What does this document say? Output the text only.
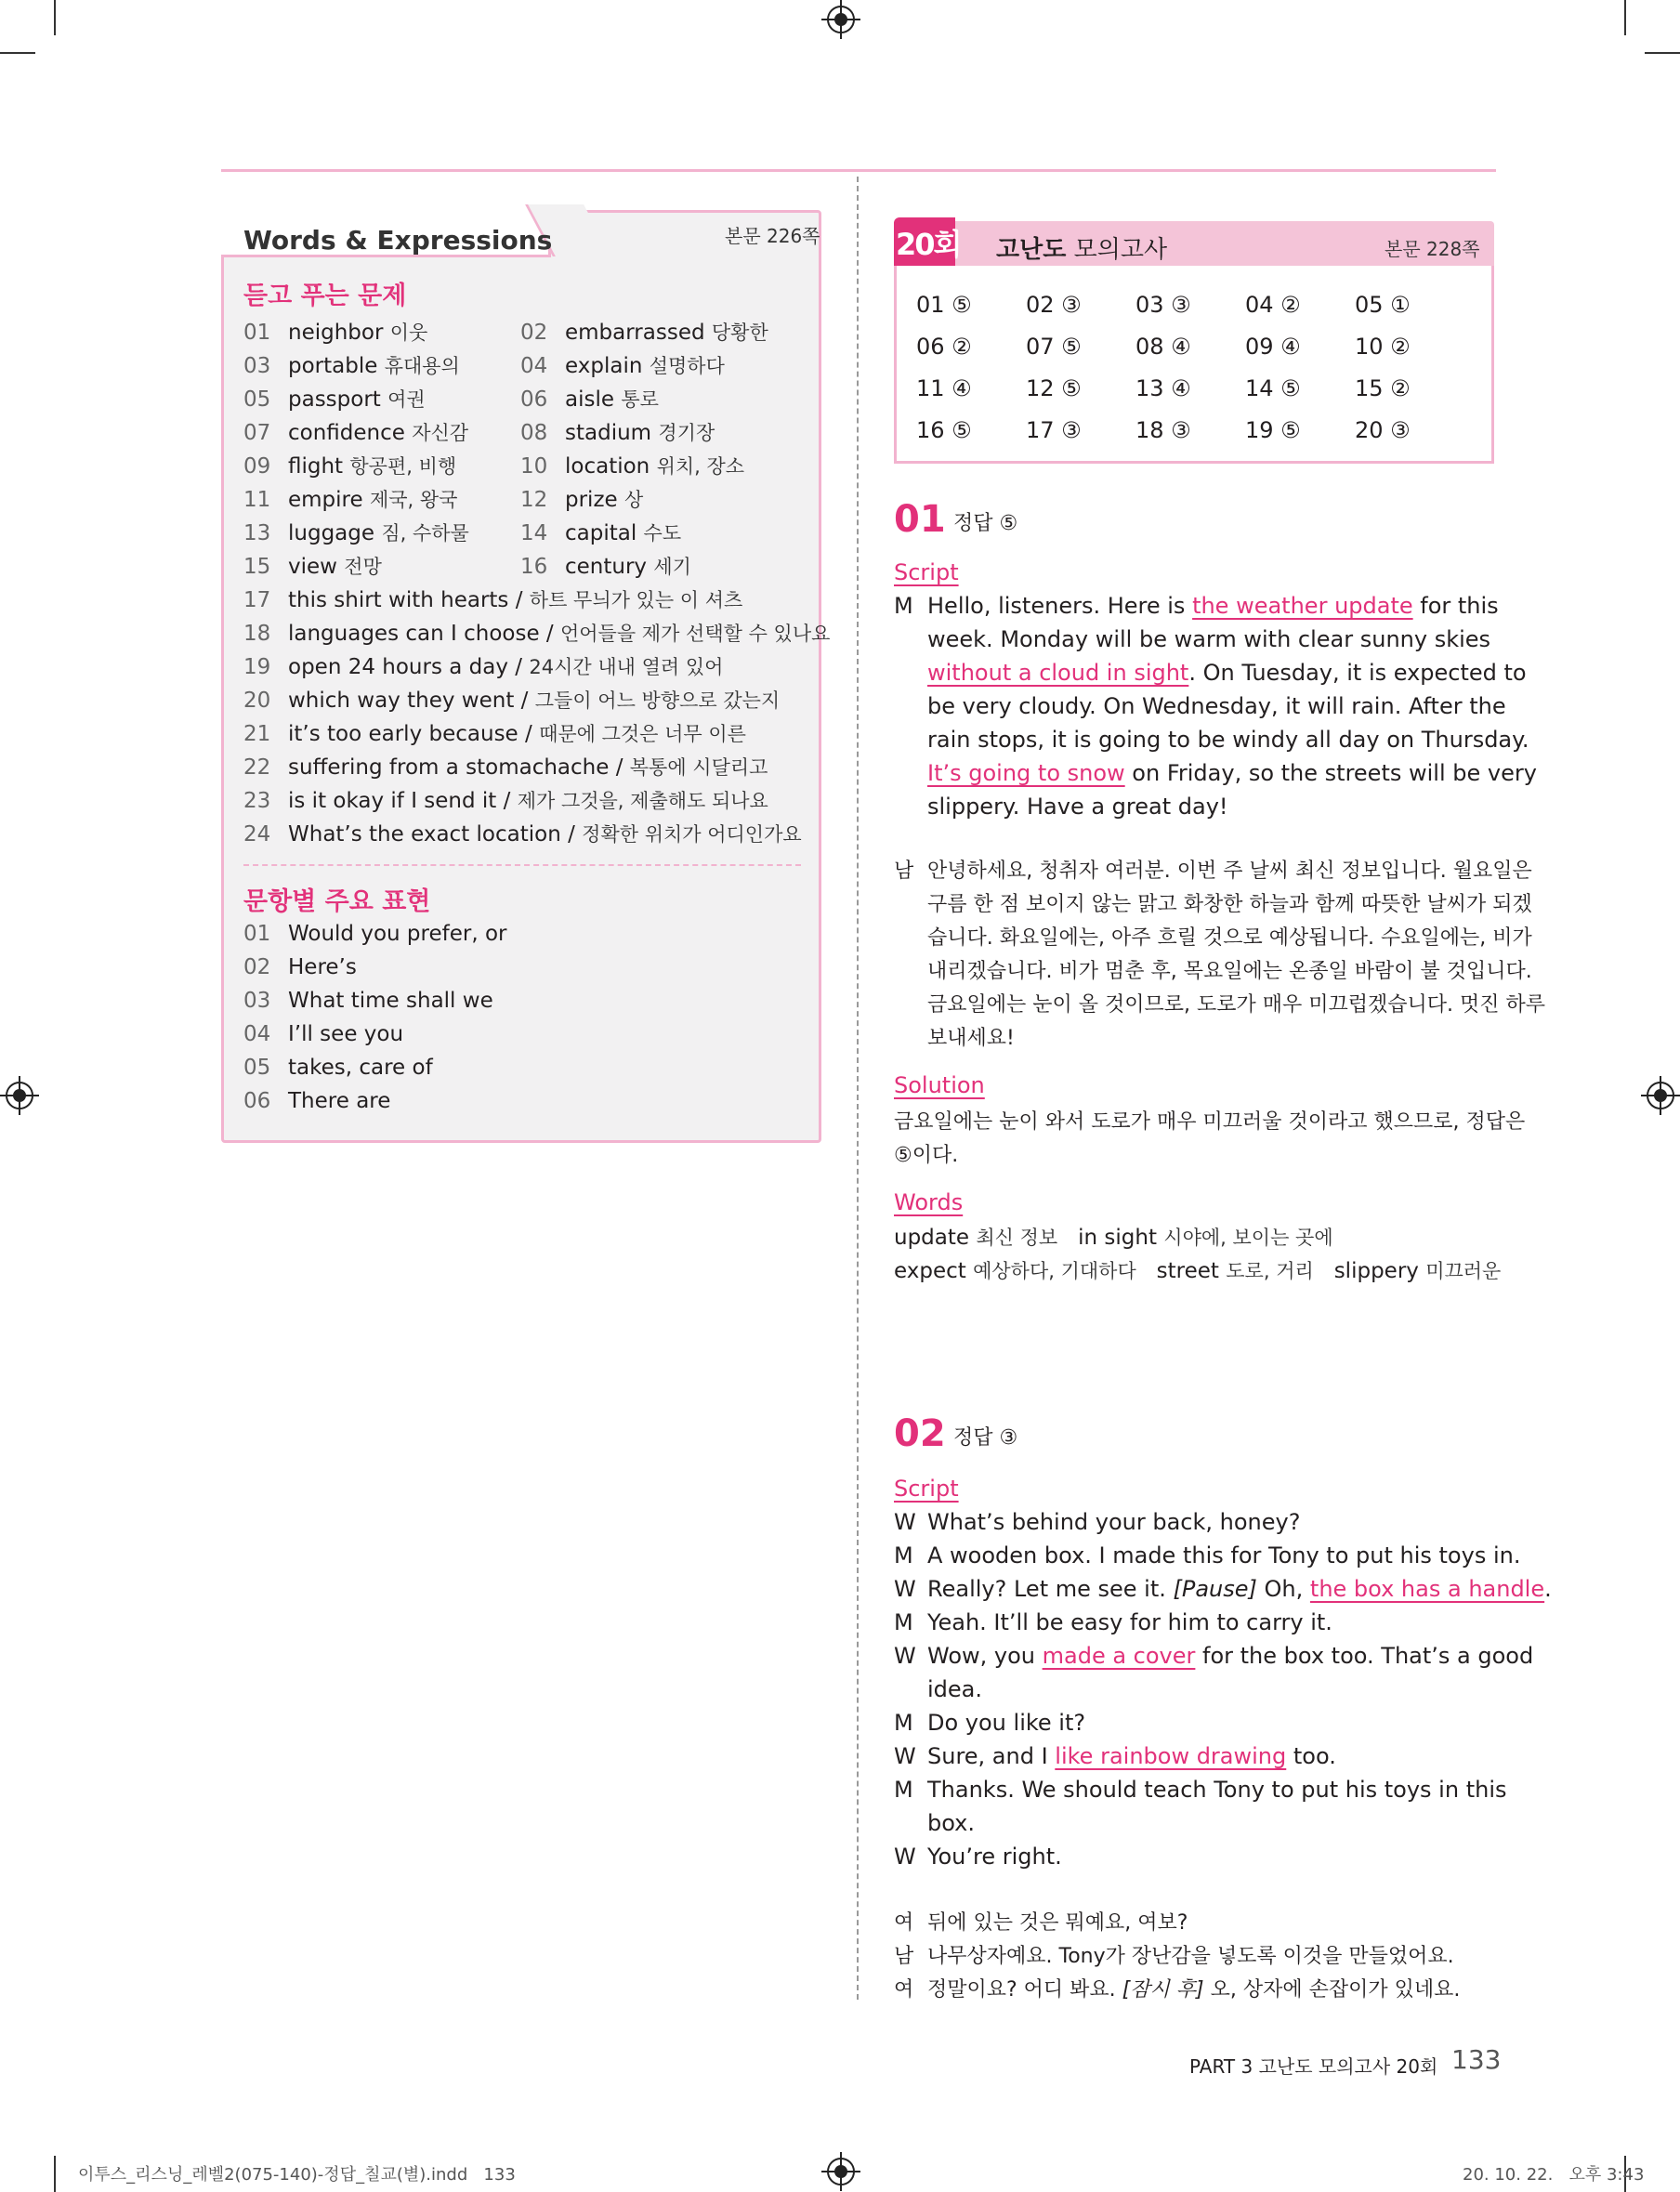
Words & Expressions	본문 226쪽
듣고 푸는 문제
문항별 주요 표현
20회 고난도 모의고사	본문 228쪽
01 정답 ⑤
Script
M
남
Solution
Words
02 정답 ③
Script
PART 3 고난도 모의고사 20회 133
이투스_리스닝_레벨2(075-140)-정답_칠교(별).indd   133	20. 10. 22.   오후 3:43
01 neighbor 이웃	02 embarrassed 당황한
03 portable 휴대용의	04 explain 설명하다
05 passport 여권	06 aisle 통로
07 confidence 자신감 08 stadium 경기장
09 flight 항공편, 비행	10 location 위치, 장소
11 empire 제국, 왕국	12 prize 상
13 luggage 짐, 수하물 14 capital 수도
15 view 전망	16 century 세기
17 this shirt with hearts / 하트 무늬가 있는 이 셔츠
18 languages can I choose / 언어들을 제가 선택할 수 있나요
19 open 24 hours a day / 24시간 내내 열려 있어
20 which way they went / 그들이 어느 방향으로 갔는지
21 it’s too early because / 때문에 그것은 너무 이른
22 suffering from a stomachache / 복통에 시달리고
23 is it okay if I send it / 제가 그것을, 제출해도 되나요
24 What’s the exact location / 정확한 위치가 어디인가요
01 Would you prefer, or
02 Here’s
03 What time shall we
04 I’ll see you
05 takes, care of
06 There are
01 ⑤ 02 ③ 03 ③ 04 ② 05 ①
06 ② 07 ⑤ 08 ④ 09 ④ 10 ②
11 ④ 12 ⑤ 13 ④ 14 ⑤ 15 ②
16 ⑤ 17 ③ 18 ③ 19 ⑤ 20 ③
Hello, listeners. Here is the weather update for this
week. Monday will be warm with clear sunny skies
without a cloud in sight. On Tuesday, it is expected to
be very cloudy. On Wednesday, it will rain. After the
rain stops, it is going to be windy all day on Thursday.
It’s going to snow on Friday, so the streets will be very
slippery. Have a great day!
안녕하세요, 청취자 여러분. 이번 주 날씨 최신 정보입니다. 월요일은
구름 한 점 보이지 않는 맑고 화창한 하늘과 함께 따뜻한 날씨가 되겠
습니다. 화요일에는, 아주 흐릴 것으로 예상됩니다. 수요일에는, 비가
내리겠습니다. 비가 멈춘 후, 목요일에는 온종일 바람이 불 것입니다.
금요일에는 눈이 올 것이므로, 도로가 매우 미끄럽겠습니다. 멋진 하루
보내세요!
금요일에는 눈이 와서 도로가 매우 미끄러울 것이라고 했으므로, 정답은
⑤이다.
update 최신 정보 in sight 시야에, 보이는 곳에
expect 예상하다, 기대하다 street 도로, 거리 slippery 미끄러운
W What’s behind your back, honey?
M A wooden box. I made this for Tony to put his toys in.
W Really? Let me see it. [Pause] Oh, the box has a handle.
M Yeah. It’ll be easy for him to carry it.
W Wow, you made a cover for the box too. That’s a good
idea.
M Do you like it?
W Sure, and I like rainbow drawing too.
M Thanks. We should teach Tony to put his toys in this
box.
W You’re right.
여 뒤에 있는 것은 뭐예요, 여보?
남 나무상자예요. Tony가 장난감을 넣도록 이것을 만들었어요.
여 정말이요? 어디 봐요. [잠시 후] 오, 상자에 손잡이가 있네요.
